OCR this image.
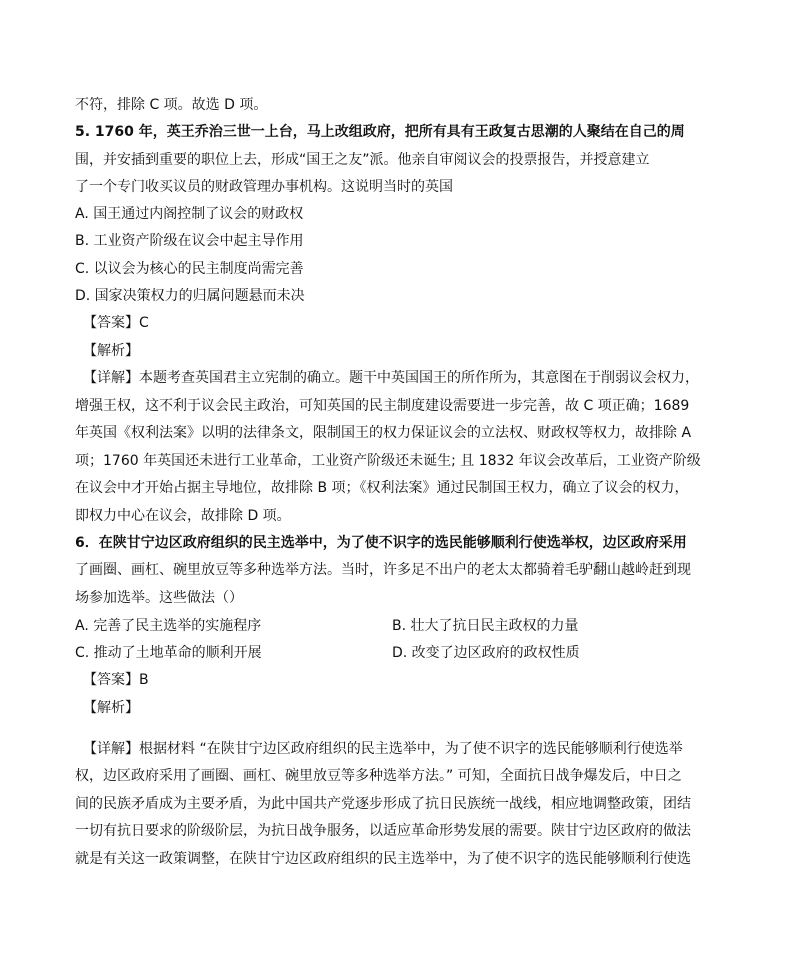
不符，排除 C 项。故选 D 项。
5. 1760 年，英王乔治三世一上台，马上改组政府，把所有具有王政复古思潮的人聚结在自己的周
围，并安插到重要的职位上去，形成“国王之友”派。他亲自审阅议会的投票报告，并授意建立
了一个专门收买议员的财政管理办事机构。这说明当时的英国
A. 国王通过内阁控制了议会的财政权
B. 工业资产阶级在议会中起主导作用
C. 以议会为核心的民主制度尚需完善
D. 国家决策权力的归属问题悬而未决
【答案】C
【解析】
【详解】本题考查英国君主立宪制的确立。题干中英国国王的所作所为，其意图在于削弱议会权力，
增强王权，这不利于议会民主政治，可知英国的民主制度建设需要进一步完善，故 C 项正确；1689
年英国《权利法案》以明的法律条文，限制国王的权力保证议会的立法权、财政权等权力，故排除 A
项；1760 年英国还未进行工业革命，工业资产阶级还未诞生; 且 1832 年议会改革后，工业资产阶级
在议会中才开始占据主导地位，故排除 B 项；《权利法案》通过民制国王权力，确立了议会的权力，
即权力中心在议会，故排除 D 项。
6．在陕甘宁边区政府组织的民主选举中，为了使不识字的选民能够顺利行使选举权，边区政府采用
了画圈、画杠、碗里放豆等多种选举方法。当时，许多足不出户的老太太都骑着毛驴翻山越岭赶到现
场参加选举。这些做法（）
A. 完善了民主选举的实施程序	B. 壮大了抗日民主政权的力量
C. 推动了土地革命的顺利开展	D. 改变了边区政府的政权性质
【答案】B
【解析】
【详解】根据材料 “在陕甘宁边区政府组织的民主选举中，为了使不识字的选民能够顺利行使选举
权，边区政府采用了画圈、画杠、碗里放豆等多种选举方法。” 可知，全面抗日战争爆发后，中日之
间的民族矛盾成为主要矛盾，为此中国共产党逐步形成了抗日民族统一战线，相应地调整政策，团结
一切有抗日要求的阶级阶层，为抗日战争服务，以适应革命形势发展的需要。陕甘宁边区政府的做法
就是有关这一政策调整，在陕甘宁边区政府组织的民主选举中，为了使不识字的选民能够顺利行使选
